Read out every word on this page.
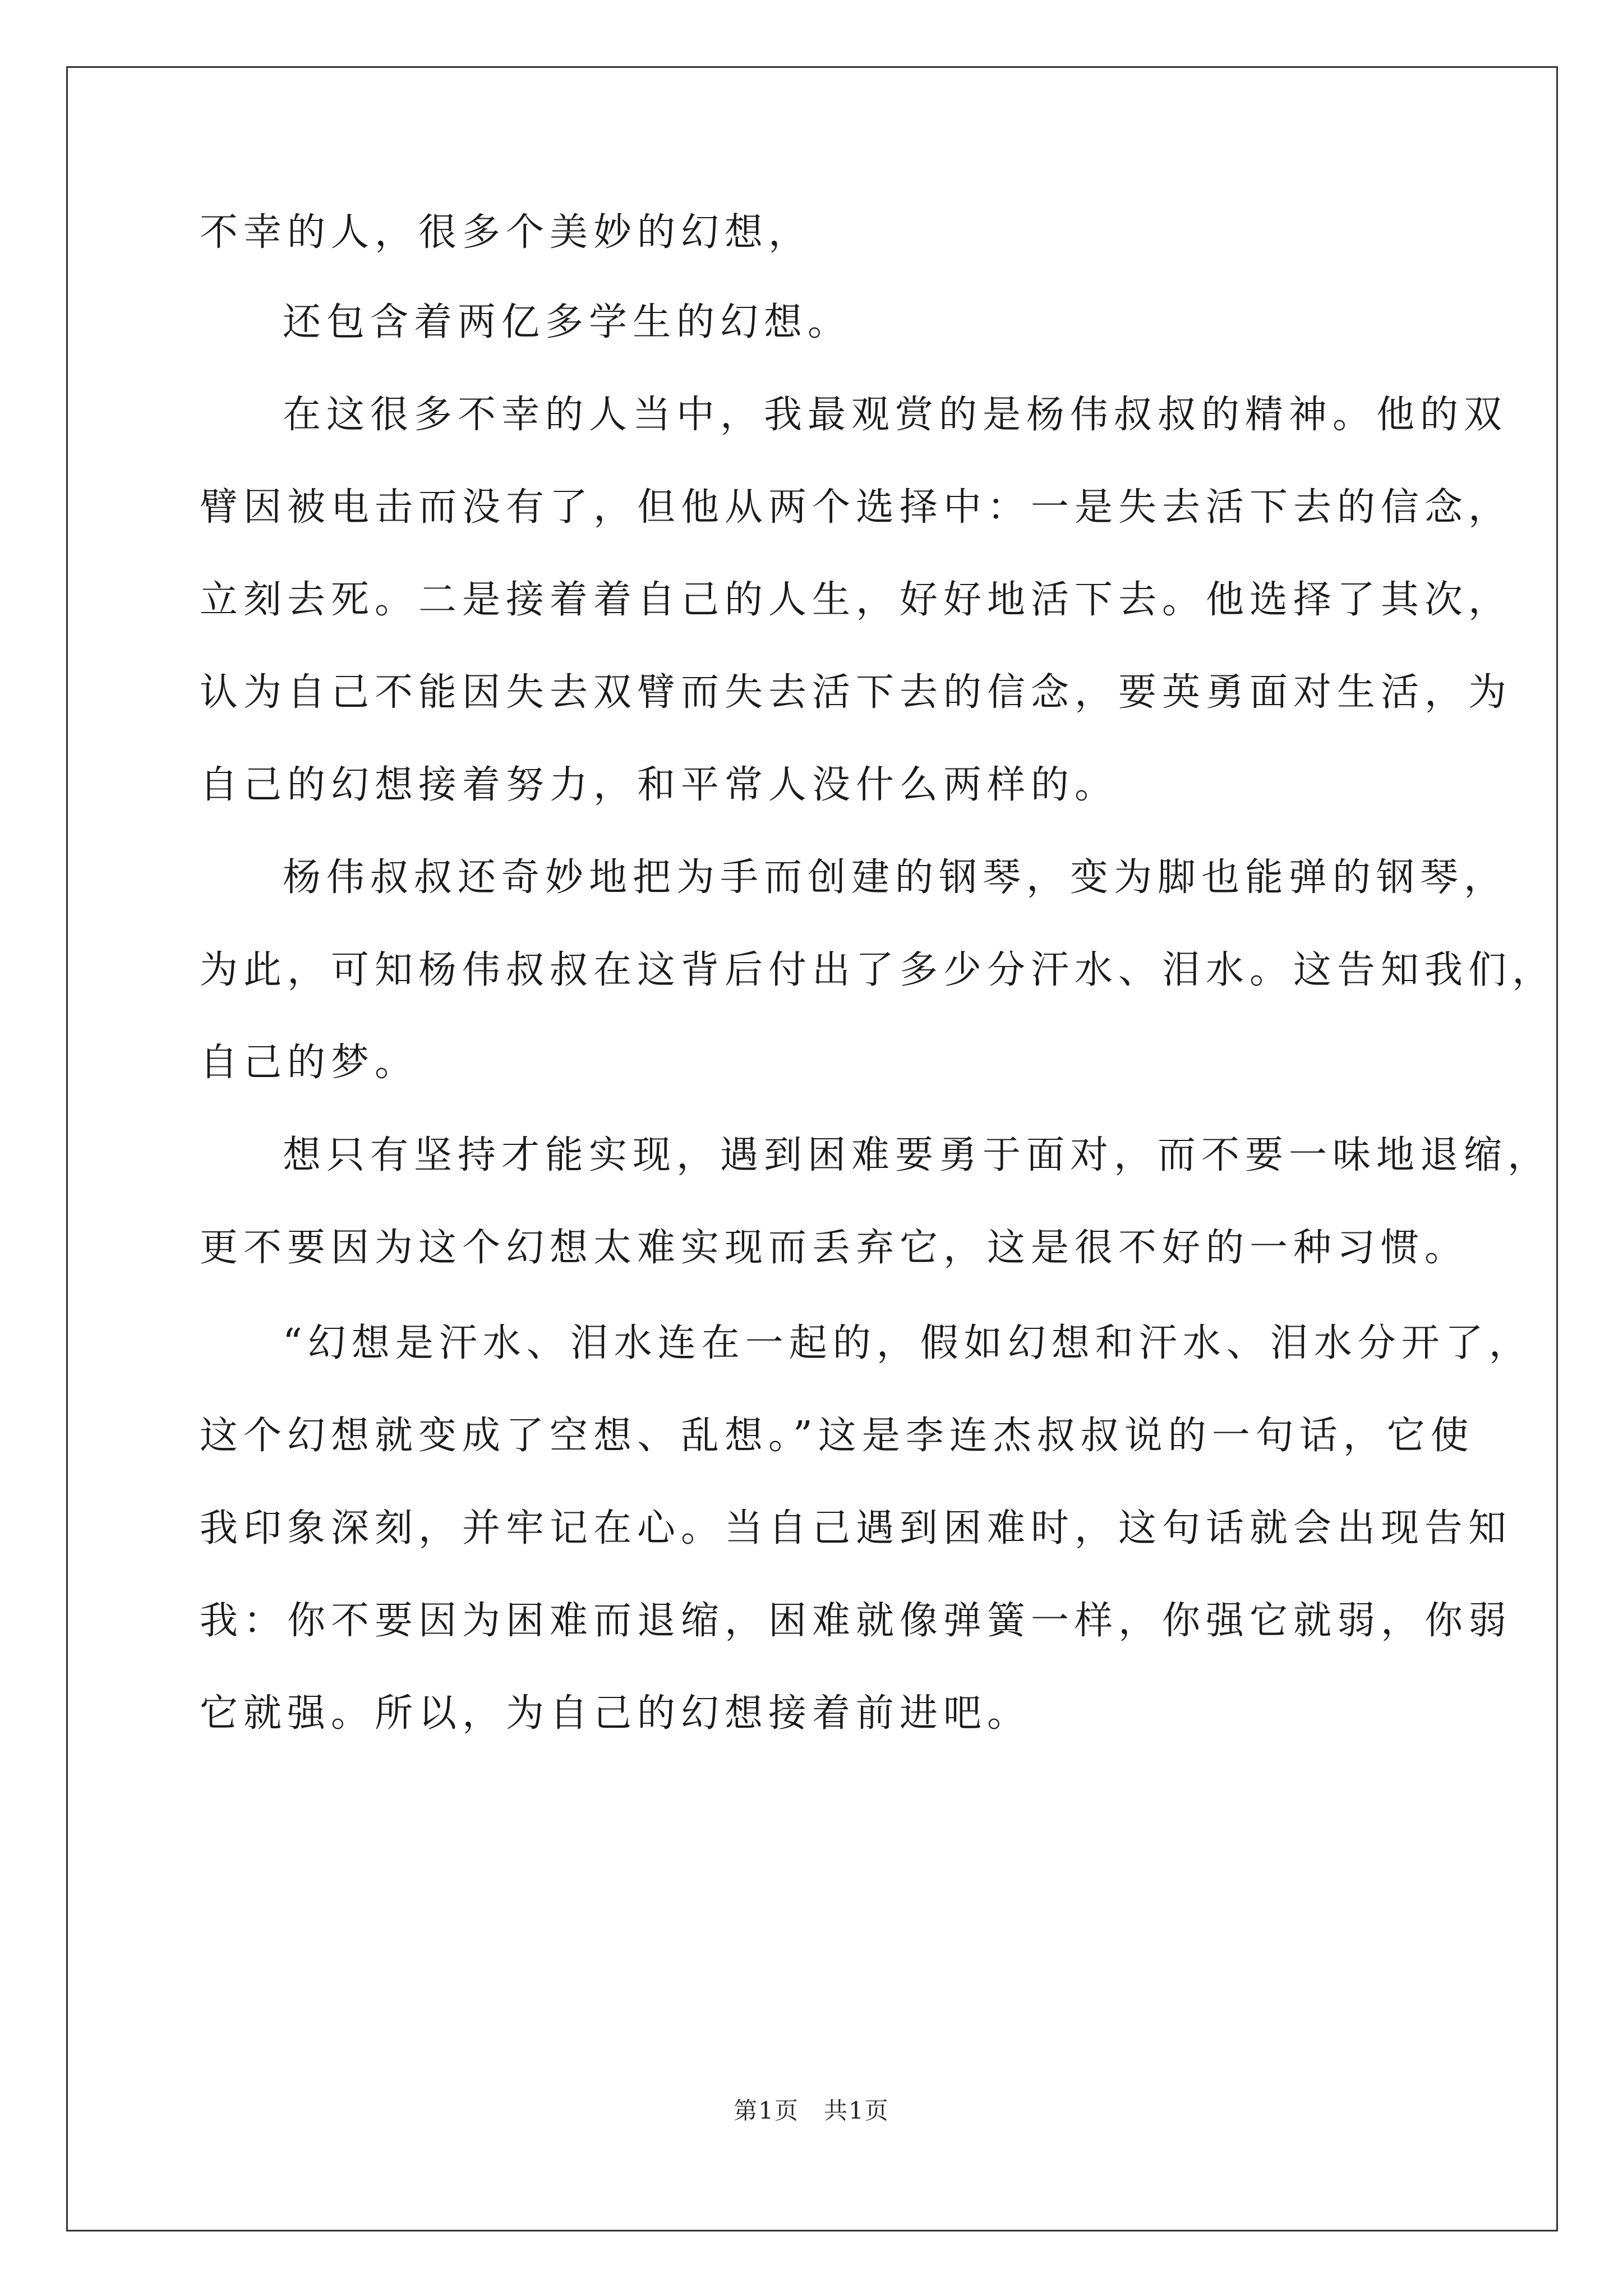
不幸的人，很多个美妙的幻想，
还包含着两亿多学生的幻想。
在这很多不幸的人当中，我最观赏的是杨伟叔叔的精神。他的双
臂因被电击而没有了，但他从两个选择中：一是失去活下去的信念，
立刻去死。二是接着着自己的人生，好好地活下去。他选择了其次，
认为自己不能因失去双臂而失去活下去的信念，要英勇面对生活，为
自己的幻想接着努力，和平常人没什么两样的。
杨伟叔叔还奇妙地把为手而创建的钢琴，变为脚也能弹的钢琴，
为此，可知杨伟叔叔在这背后付出了多少分汗水、泪水。这告知我们，
自己的梦。
想只有坚持才能实现，遇到困难要勇于面对，而不要一味地退缩，
更不要因为这个幻想太难实现而丢弃它，这是很不好的一种习惯。
“幻想是汗水、泪水连在一起的，假如幻想和汗水、泪水分开了，
这个幻想就变成了空想、乱想。”这是李连杰叔叔说的一句话，它使
我印象深刻，并牢记在心。当自己遇到困难时，这句话就会出现告知
我：你不要因为困难而退缩，困难就像弹簧一样，你强它就弱，你弱
它就强。所以，为自己的幻想接着前进吧。
第1页 共1页
